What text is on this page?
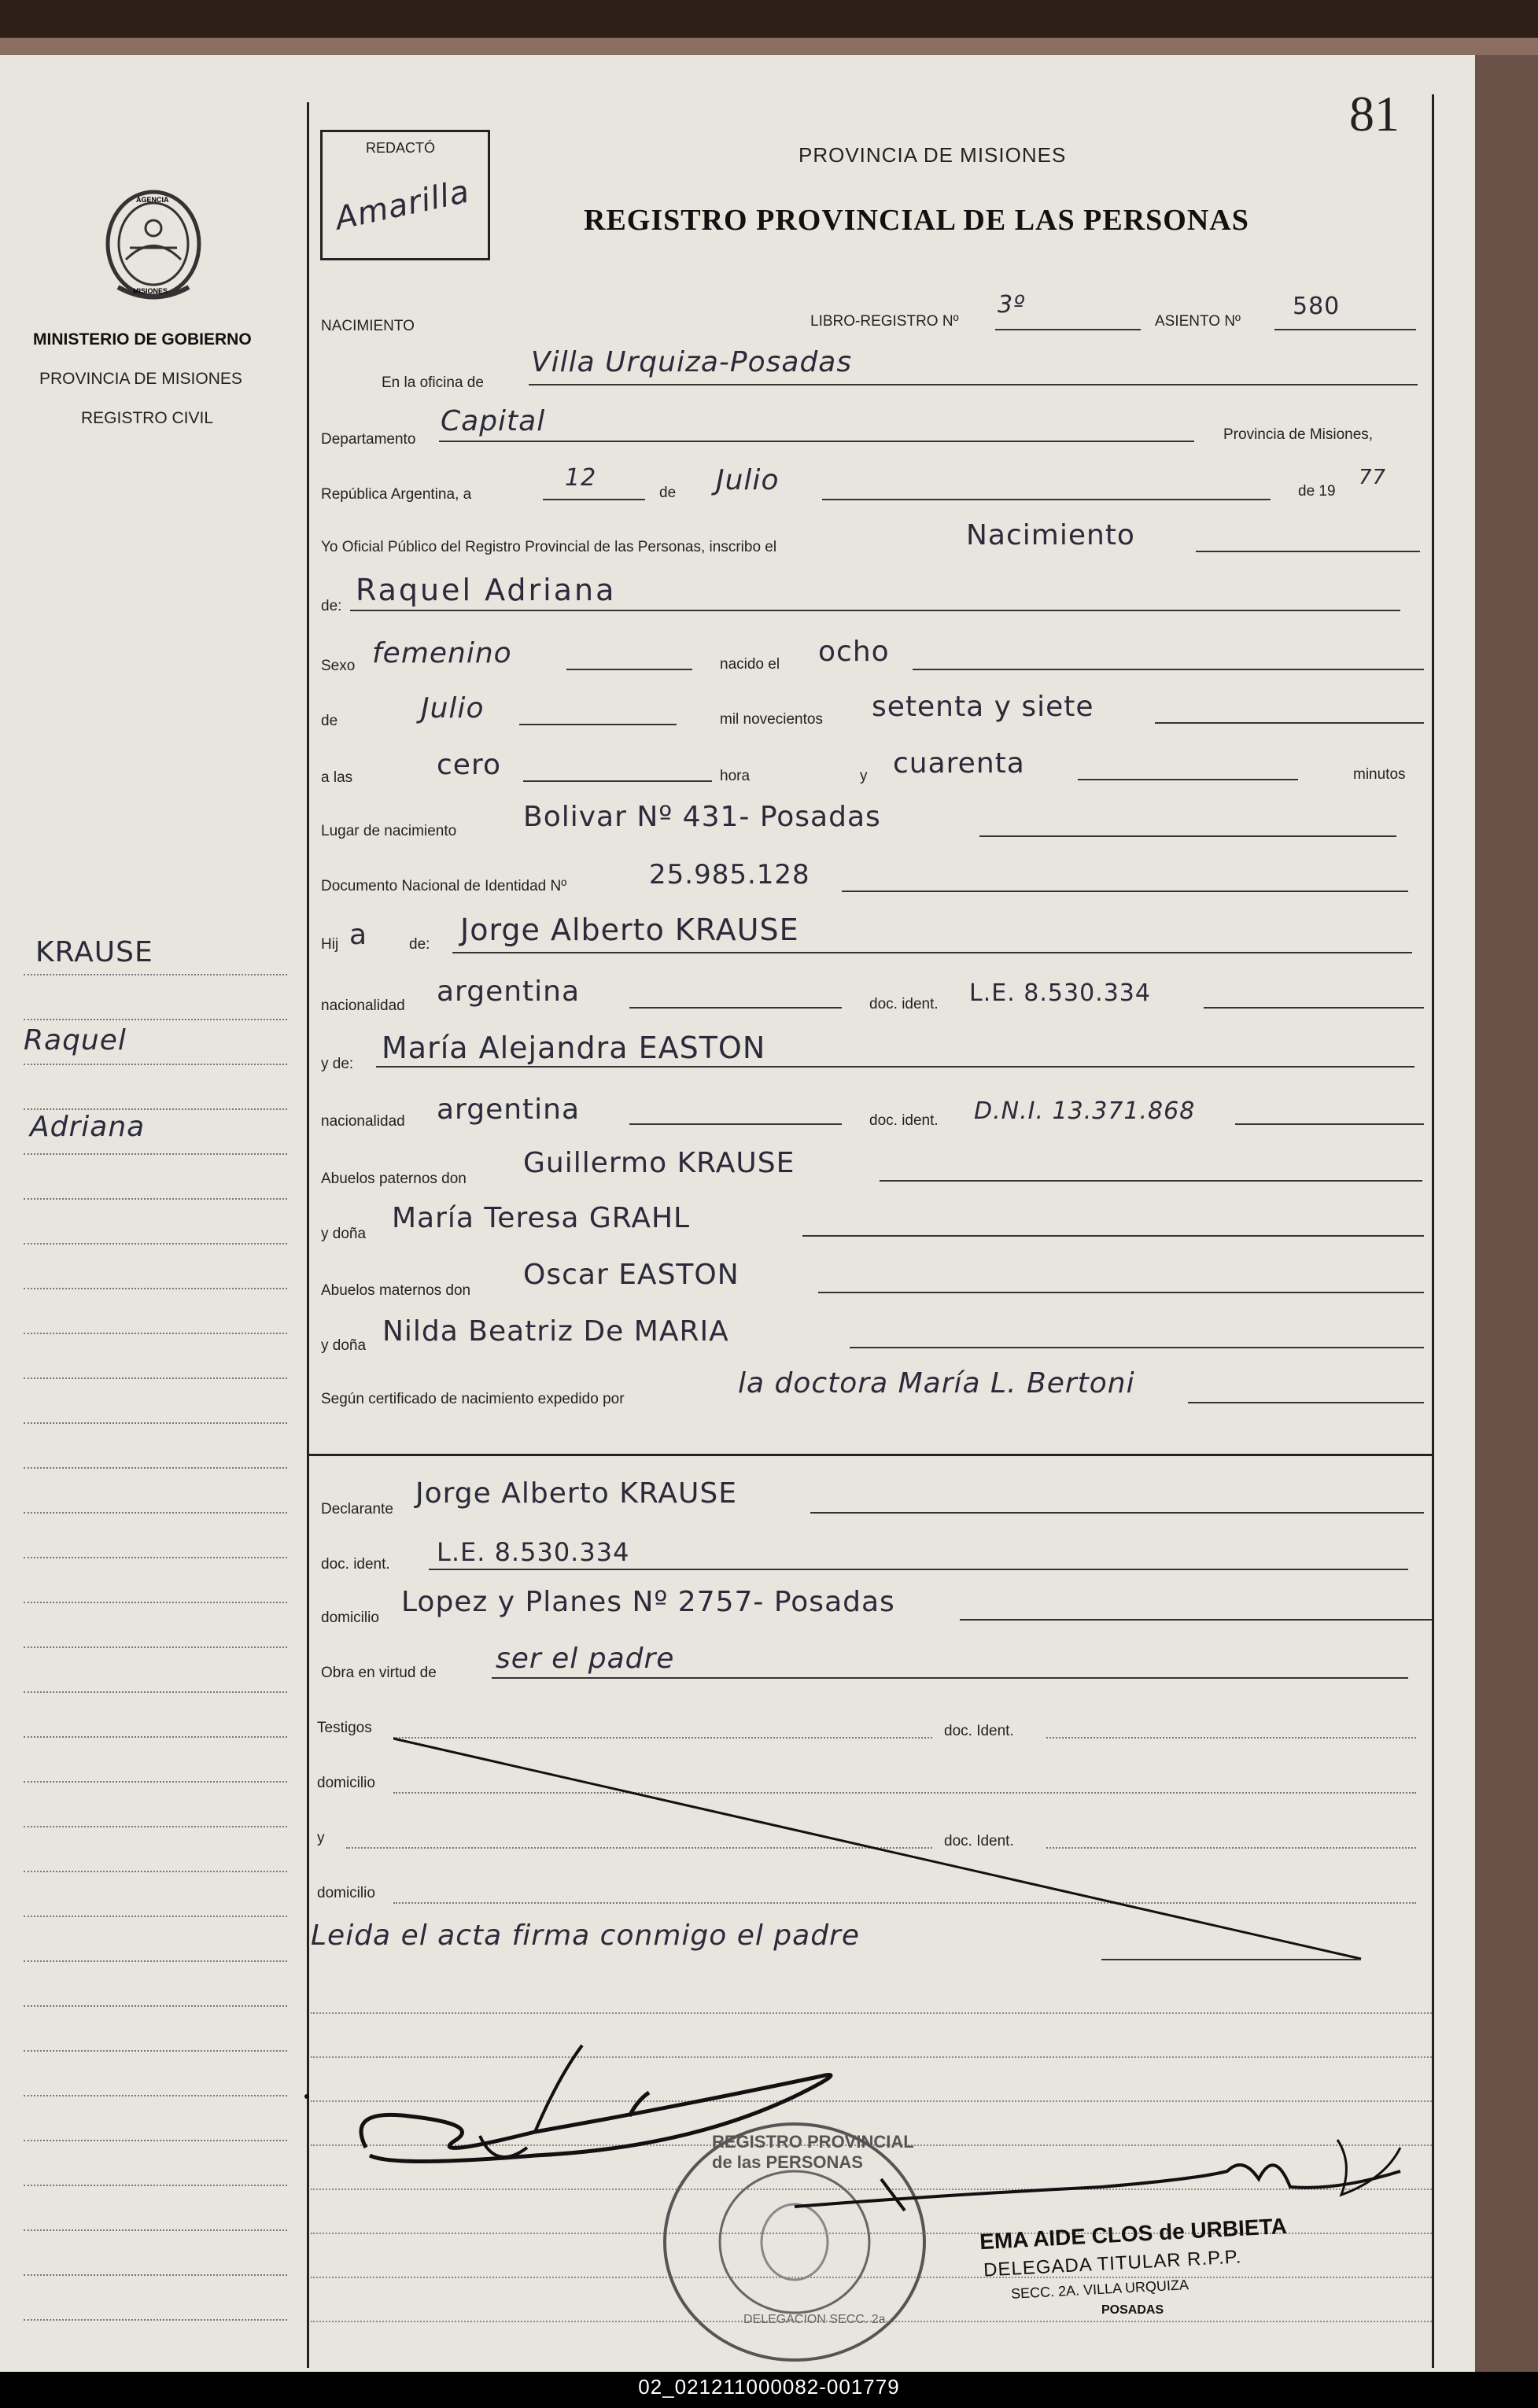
81
REDACTÓ
Amarilla
PROVINCIA DE MISIONES
REGISTRO PROVINCIAL DE LAS PERSONAS
AGENCIA
MISIONES
MINISTERIO DE GOBIERNO
PROVINCIA DE MISIONES
REGISTRO CIVIL
KRAUSE
Raquel
Adriana
NACIMIENTO	LIBRO-REGISTRO Nº
3º
ASIENTO Nº
580
En la oficina de
Villa Urquiza-Posadas
Departamento
Capital	Provincia de Misiones,
República Argentina, a
12
de Julio	de 19
77
Yo Oficial Público del Registro Provincial de las Personas, inscribo el	Nacimiento
de: Raquel Adriana
Sexo femenino	nacido el ocho
de	Julio	mil novecientos setenta y siete
a las	cero	hora	y cuarenta	minutos
Lugar de nacimiento Bolivar Nº 431- Posadas
Documento Nacional de Identidad Nº	25.985.128
Hij a	de: Jorge Alberto KRAUSE
nacionalidad argentina	doc. ident. L.E. 8.530.334
y de: María Alejandra EASTON
nacionalidad argentina	doc. ident. D.N.I. 13.371.868
Abuelos paternos don Guillermo KRAUSE
y doña María Teresa GRAHL
Abuelos maternos don Oscar EASTON
y doña Nilda Beatriz De MARIA
Según certificado de nacimiento expedido por	la doctora María L. Bertoni
Declarante Jorge Alberto KRAUSE
doc. ident. L.E. 8.530.334
domicilio Lopez y Planes Nº 2757- Posadas
Obra en virtud de ser el padre
Testigos	doc. Ident.
domicilio
y	doc. Ident.
domicilio
Leida el acta firma conmigo el padre
REGISTRO PROVINCIAL de las PERSONAS
DELEGACION SECC. 2a
EMA AIDE CLOS de URBIETA
DELEGADA TITULAR R.P.P.
SECC. 2A. VILLA URQUIZA
POSADAS
02_021211000082-001779
